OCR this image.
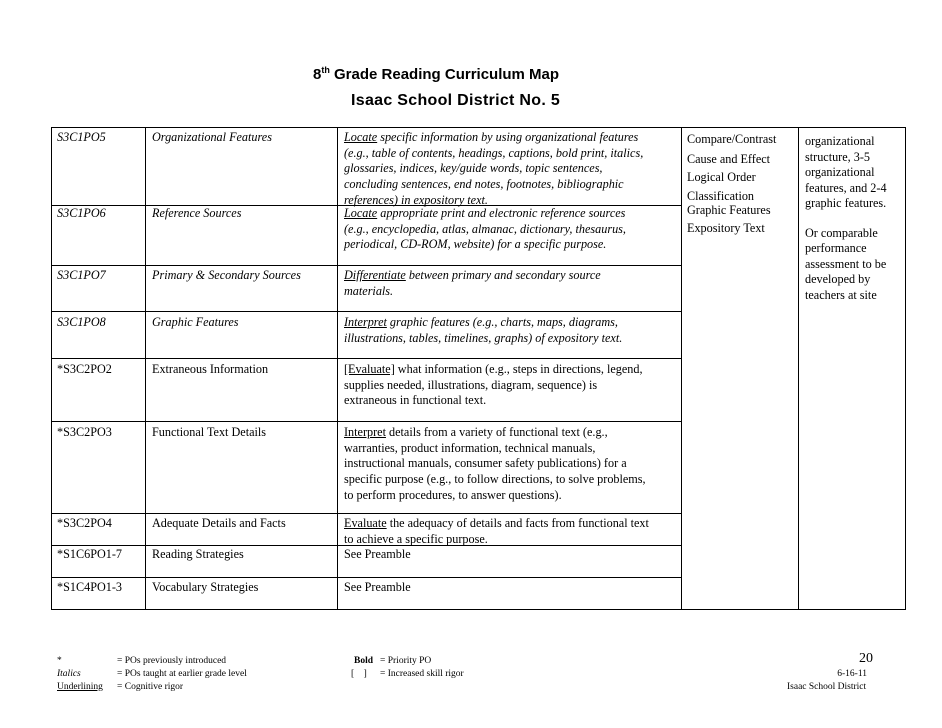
8th Grade Reading Curriculum Map
Isaac School District No. 5
S3C1PO5	Organizational Features	Locate specific information by using organizational features
(e.g., table of contents, headings, captions, bold print, italics,
glossaries, indices, key/guide words, topic sentences,
concluding sentences, end notes, footnotes, bibliographic
references) in expository text.
S3C1PO6	Reference Sources	Locate appropriate print and electronic reference sources
(e.g., encyclopedia, atlas, almanac, dictionary, thesaurus,
periodical, CD-ROM, website) for a specific purpose.
S3C1PO7	Primary & Secondary Sources	Differentiate between primary and secondary source
materials.
S3C1PO8	Graphic Features	Interpret graphic features (e.g., charts, maps, diagrams,
illustrations, tables, timelines, graphs) of expository text.
*S3C2PO2	Extraneous Information	[Evaluate] what information (e.g., steps in directions, legend,
supplies needed, illustrations, diagram, sequence) is
extraneous in functional text.
*S3C2PO3	Functional Text Details	Interpret details from a variety of functional text (e.g.,
warranties, product information, technical manuals,
instructional manuals, consumer safety publications) for a
specific purpose (e.g., to follow directions, to solve problems,
to perform procedures, to answer questions).
*S3C2PO4	Adequate Details and Facts	Evaluate the adequacy of details and facts from functional text
to achieve a specific purpose.
*S1C6PO1-7 Reading Strategies	See Preamble
*S1C4PO1-3 Vocabulary Strategies	See Preamble
Compare/Contrast
Cause and Effect
Logical Order
Classification
Graphic Features
Expository Text
organizational
structure, 3-5
organizational
features, and 2-4
graphic features.
Or comparable
performance
assessment to be
developed by
teachers at site
*	= POs previously introduced
Italics	= POs taught at earlier grade level
Underlining = Cognitive rigor
Bold = Priority PO
[    ] = Increased skill rigor
20
6-16-11
Isaac School District
